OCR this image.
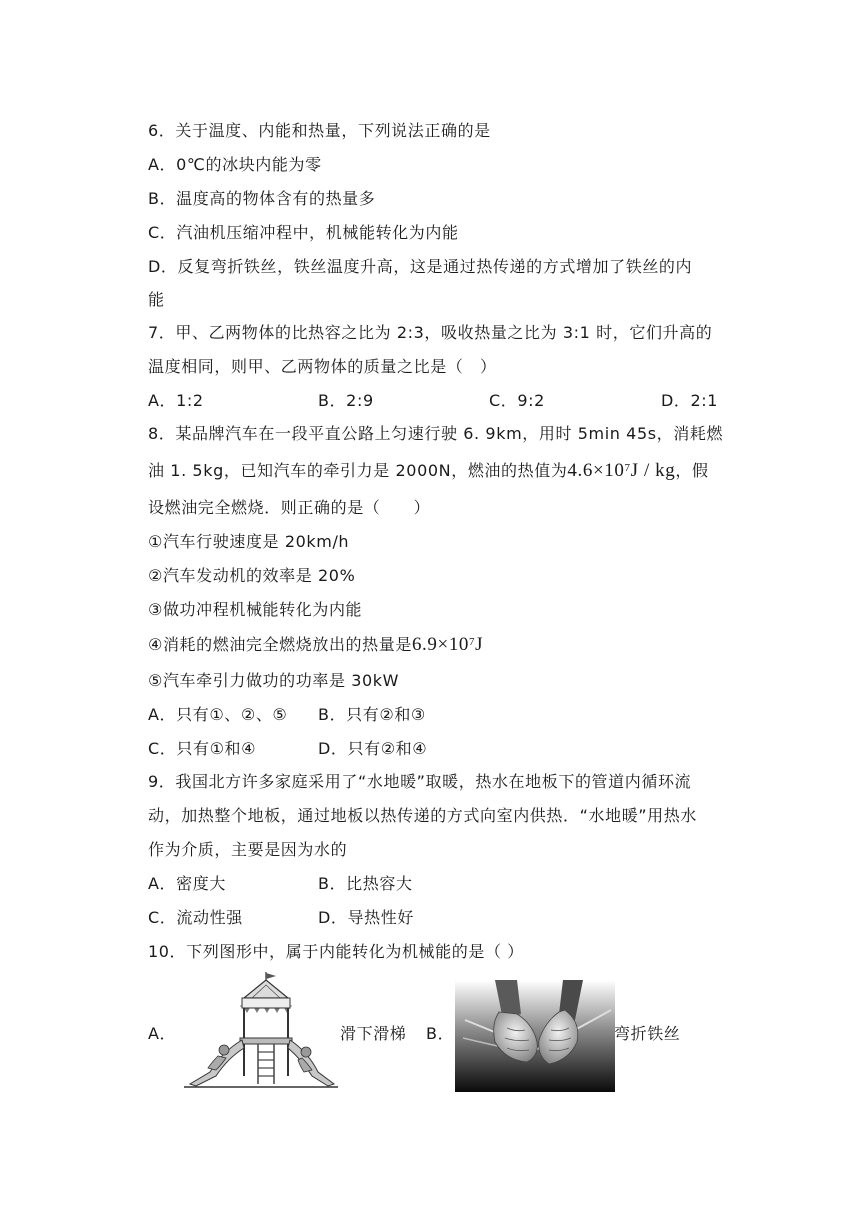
6．关于温度、内能和热量，下列说法正确的是
A．0℃的冰块内能为零
B．温度高的物体含有的热量多
C．汽油机压缩冲程中，机械能转化为内能
D．反复弯折铁丝，铁丝温度升高，这是通过热传递的方式增加了铁丝的内
能
7．甲、乙两物体的比热容之比为 2:3，吸收热量之比为 3:1 时，它们升高的
温度相同，则甲、乙两物体的质量之比是（　）
A．1:2	B．2:9	C．9:2	D．2:1
8．某品牌汽车在一段平直公路上匀速行驶 6. 9km，用时 5min 45s，消耗燃
油 1. 5kg，已知汽车的牵引力是 2000N，燃油的热值为$4.6\times 10^7J$ / kg，假
设燃油完全燃烧．则正确的是（　　）
①汽车行驶速度是 20km/h
②汽车发动机的效率是 20%
③做功冲程机械能转化为内能
④消耗的燃油完全燃烧放出的热量是$6.9\times 10^7J$
⑤汽车牵引力做功的功率是 30kW
A．只有①、②、⑤ B．只有②和③
C．只有①和④	D．只有②和④
9．我国北方许多家庭采用了“水地暖”取暖，热水在地板下的管道内循环流
动，加热整个地板，通过地板以热传递的方式向室内供热．“水地暖”用热水
作为介质，主要是因为水的
A．密度大	B．比热容大
C．流动性强	D．导热性好
10．下列图形中，属于内能转化为机械能的是（ ）
A．	滑下滑梯 B．	弯折铁丝
